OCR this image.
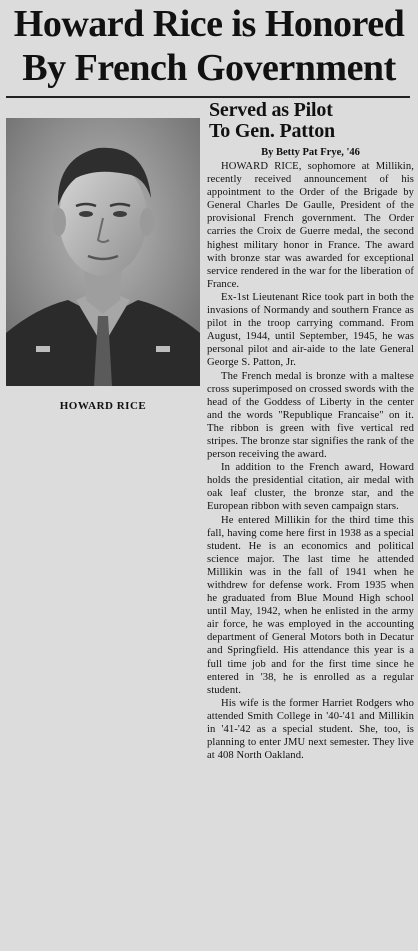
Howard Rice is Honored
By French Government

HOWARD RICE

Served as Pilot
To Gen. Patton

By Betty Pat Frye, '46

HOWARD RICE, sophomore at Millikin, recently received announcement of his appointment to the Order of the Brigade by General Charles De Gaulle, President of the provisional French government. The Order carries the Croix de Guerre medal, the second highest military honor in France. The award with bronze star was awarded for exceptional service rendered in the war for the liberation of France.

Ex-1st Lieutenant Rice took part in both the invasions of Normandy and southern France as pilot in the troop carrying command. From August, 1944, until September, 1945, he was personal pilot and air-aide to the late General George S. Patton, Jr.

The French medal is bronze with a maltese cross superimposed on crossed swords with the head of the Goddess of Liberty in the center and the words "Republique Francaise" on it. The ribbon is green with five vertical red stripes. The bronze star signifies the rank of the person receiving the award.

In addition to the French award, Howard holds the presidential citation, air medal with oak leaf cluster, the bronze star, and the European ribbon with seven campaign stars.

He entered Millikin for the third time this fall, having come here first in 1938 as a special student. He is an economics and political science major. The last time he attended Millikin was in the fall of 1941 when he withdrew for defense work. From 1935 when he graduated from Blue Mound High school until May, 1942, when he enlisted in the army air force, he was employed in the accounting department of General Motors both in Decatur and Springfield. His attendance this year is a full time job and for the first time since he entered in '38, he is enrolled as a regular student.

His wife is the former Harriet Rodgers who attended Smith College in '40-'41 and Millikin in '41-'42 as a special student. She, too, is planning to enter JMU next semester. They live at 408 North Oakland.
